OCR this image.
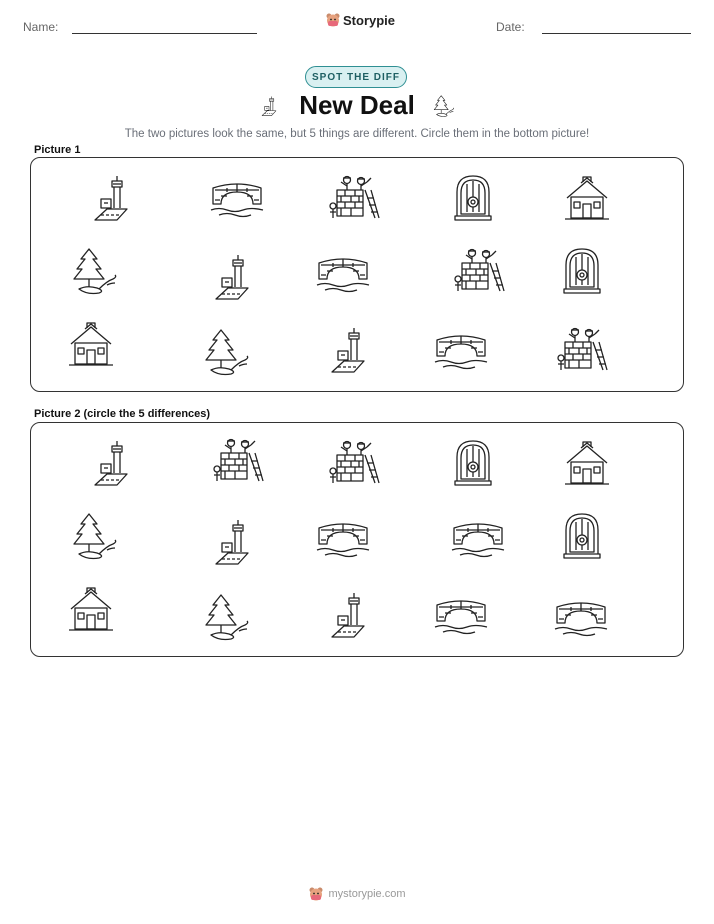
Name:	Storypie	Date:
SPOT THE DIFF
New Deal
The two pictures look the same, but 5 things are different. Circle them in the bottom picture!
Picture 1
Picture 2 (circle the 5 differences)
mystorypie.com
